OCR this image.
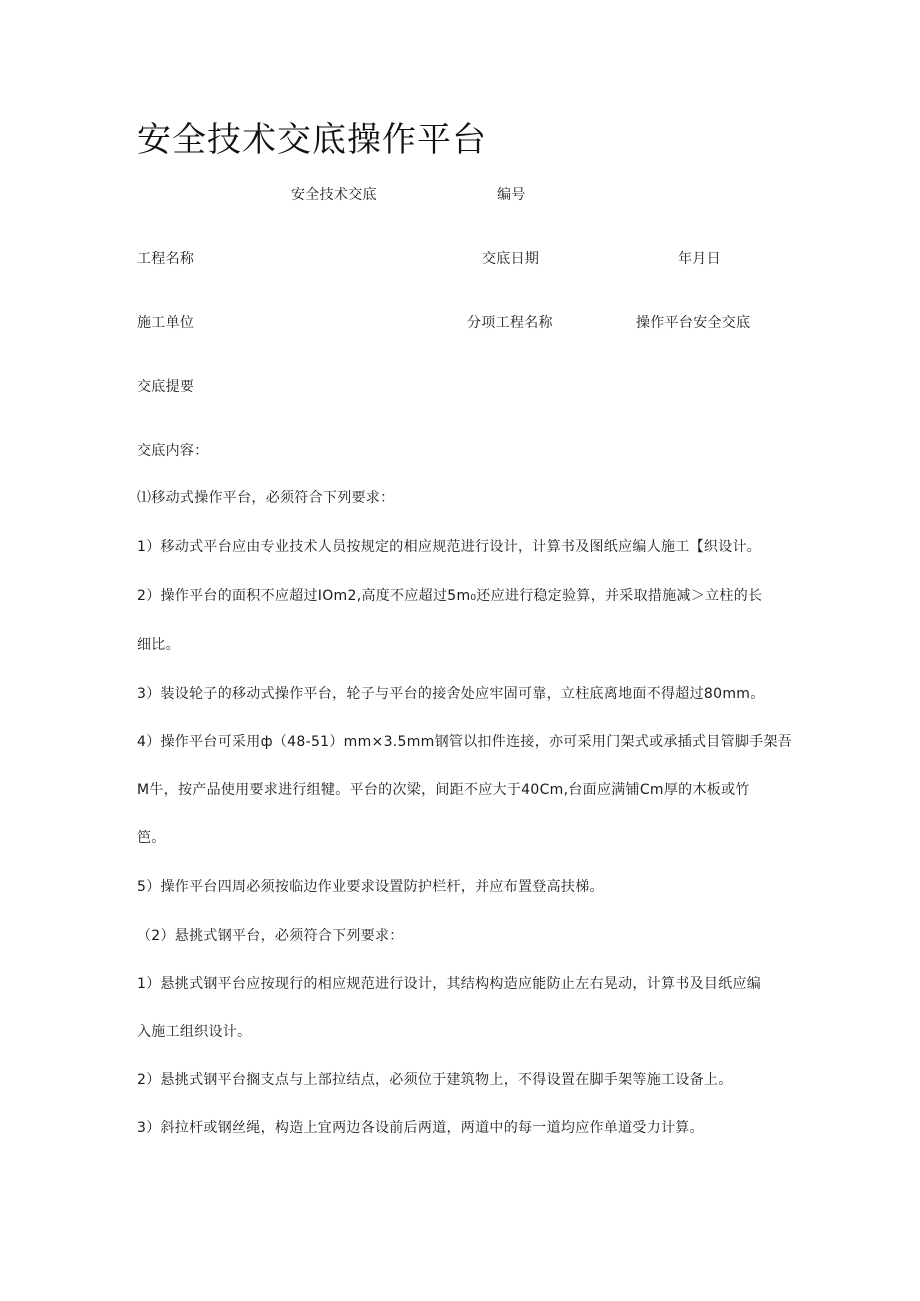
安全技术交底操作平台
安全技术交底	编号
工程名称	交底日期	年月日
施工单位	分项工程名称	操作平台安全交底
交底提要
交底内容：
⑴移动式操作平台，必须符合下列要求：
1）移动式平台应由专业技术人员按规定的相应规范进行设计，计算书及图纸应编人施工【织设计。
2）操作平台的面积不应超过IOm2,高度不应超过5m₀还应进行稳定验算，并采取措施减＞立柱的长
细比。
3）装设轮子的移动式操作平台，轮子与平台的接舍处应牢固可靠，立柱底离地面不得超过80mm。
4）操作平台可采用ф（48-51）mm×3.5mm钢管以扣件连接，亦可采用门架式或承插式目管脚手架吾
M牛，按产品使用要求进行组犍。平台的次梁，间距不应大于40Cm,台面应满铺Cm厚的木板或竹
笆。
5）操作平台四周必须按临边作业要求设置防护栏杆，并应布置登高扶梯。
（2）悬挑式钢平台，必须符合下列要求：
1）悬挑式钢平台应按现行的相应规范进行设计，其结构构造应能防止左右晃动，计算书及目纸应编
入施工组织设计。
2）悬挑式钢平台搁支点与上部拉结点，必须位于建筑物上，不得设置在脚手架等施工设备上。
3）斜拉杆或钢丝绳，构造上宜两边各设前后两道，两道中的每一道均应作单道受力计算。
